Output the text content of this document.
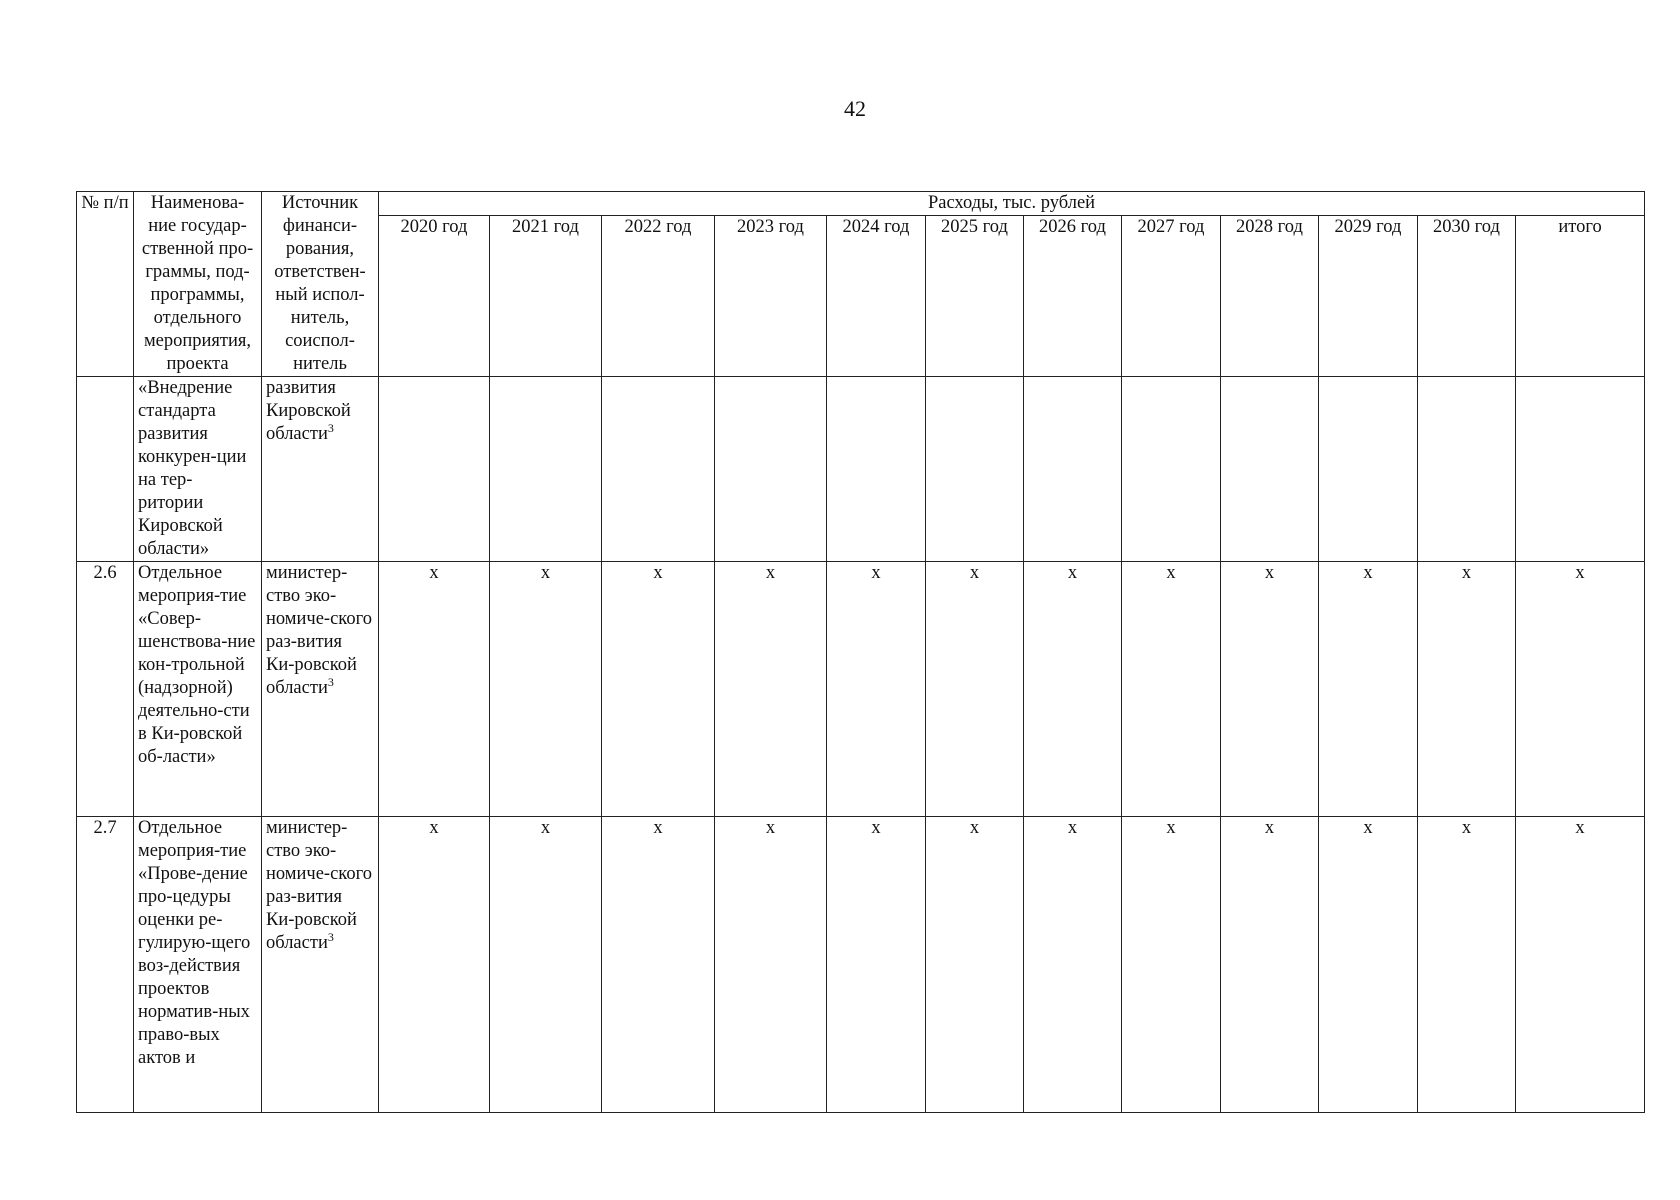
42
№ п/п	Наименова-ние государ-ственной про-граммы, под-программы, отдельного мероприятия, проекта	Источник финанси-рования, ответствен-ный испол-нитель, соиспол-нитель	Расходы, тыс. рублей											
			2020 год	2021 год	2022 год	2023 год	2024 год	2025 год	2026 год	2027 год	2028 год	2029 год	2030 год	итого
	«Внедрение стандарта развития конкурен-ции на тер-ритории Кировской области»	развития Кировской области$^3$												
2.6	Отдельное мероприя-тие «Совер-шенствова-ние кон-трольной (надзорной) деятельно-сти в Ки-ровской об-ласти»	министер-ство эко-номиче-ского раз-вития Ки-ровской области$^3$	х	х	х	х	х	х	х	х	х	х	х	х
2.7	Отдельное мероприя-тие «Прове-дение про-цедуры оценки ре-гулирую-щего воз-действия проектов норматив-ных право-вых актов и	министер-ство эко-номиче-ского раз-вития Ки-ровской области$^3$	х	х	х	х	х	х	х	х	х	х	х	х
